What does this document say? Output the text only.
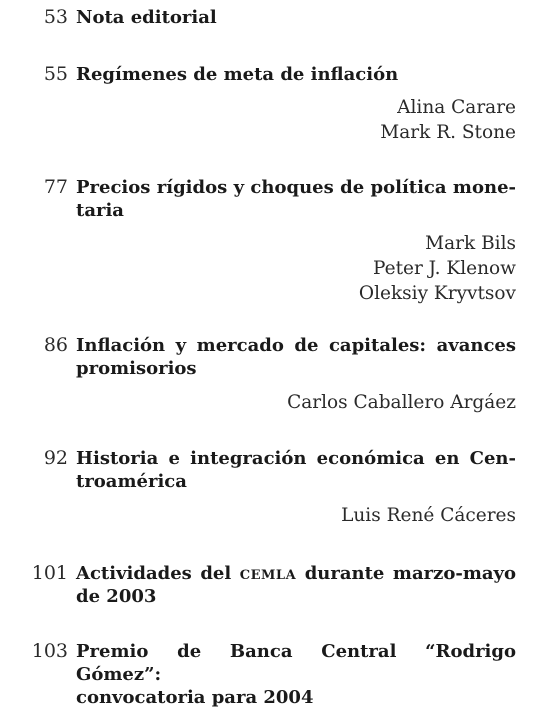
53 Nota editorial
55 Regímenes de meta de inflación
Alina Carare
Mark R. Stone
77 Precios rígidos y choques de política mone-
taria
Mark Bils
Peter J. Klenow
Oleksiy Kryvtsov
86 Inflación y mercado de capitales: avances
promisorios
Carlos Caballero Argáez
92 Historia e integración económica en Cen-
troamérica
Luis René Cáceres
101 Actividades del cemla durante marzo-mayo
de 2003
103 Premio de Banca Central “Rodrigo Gómez”:
convocatoria para 2004
